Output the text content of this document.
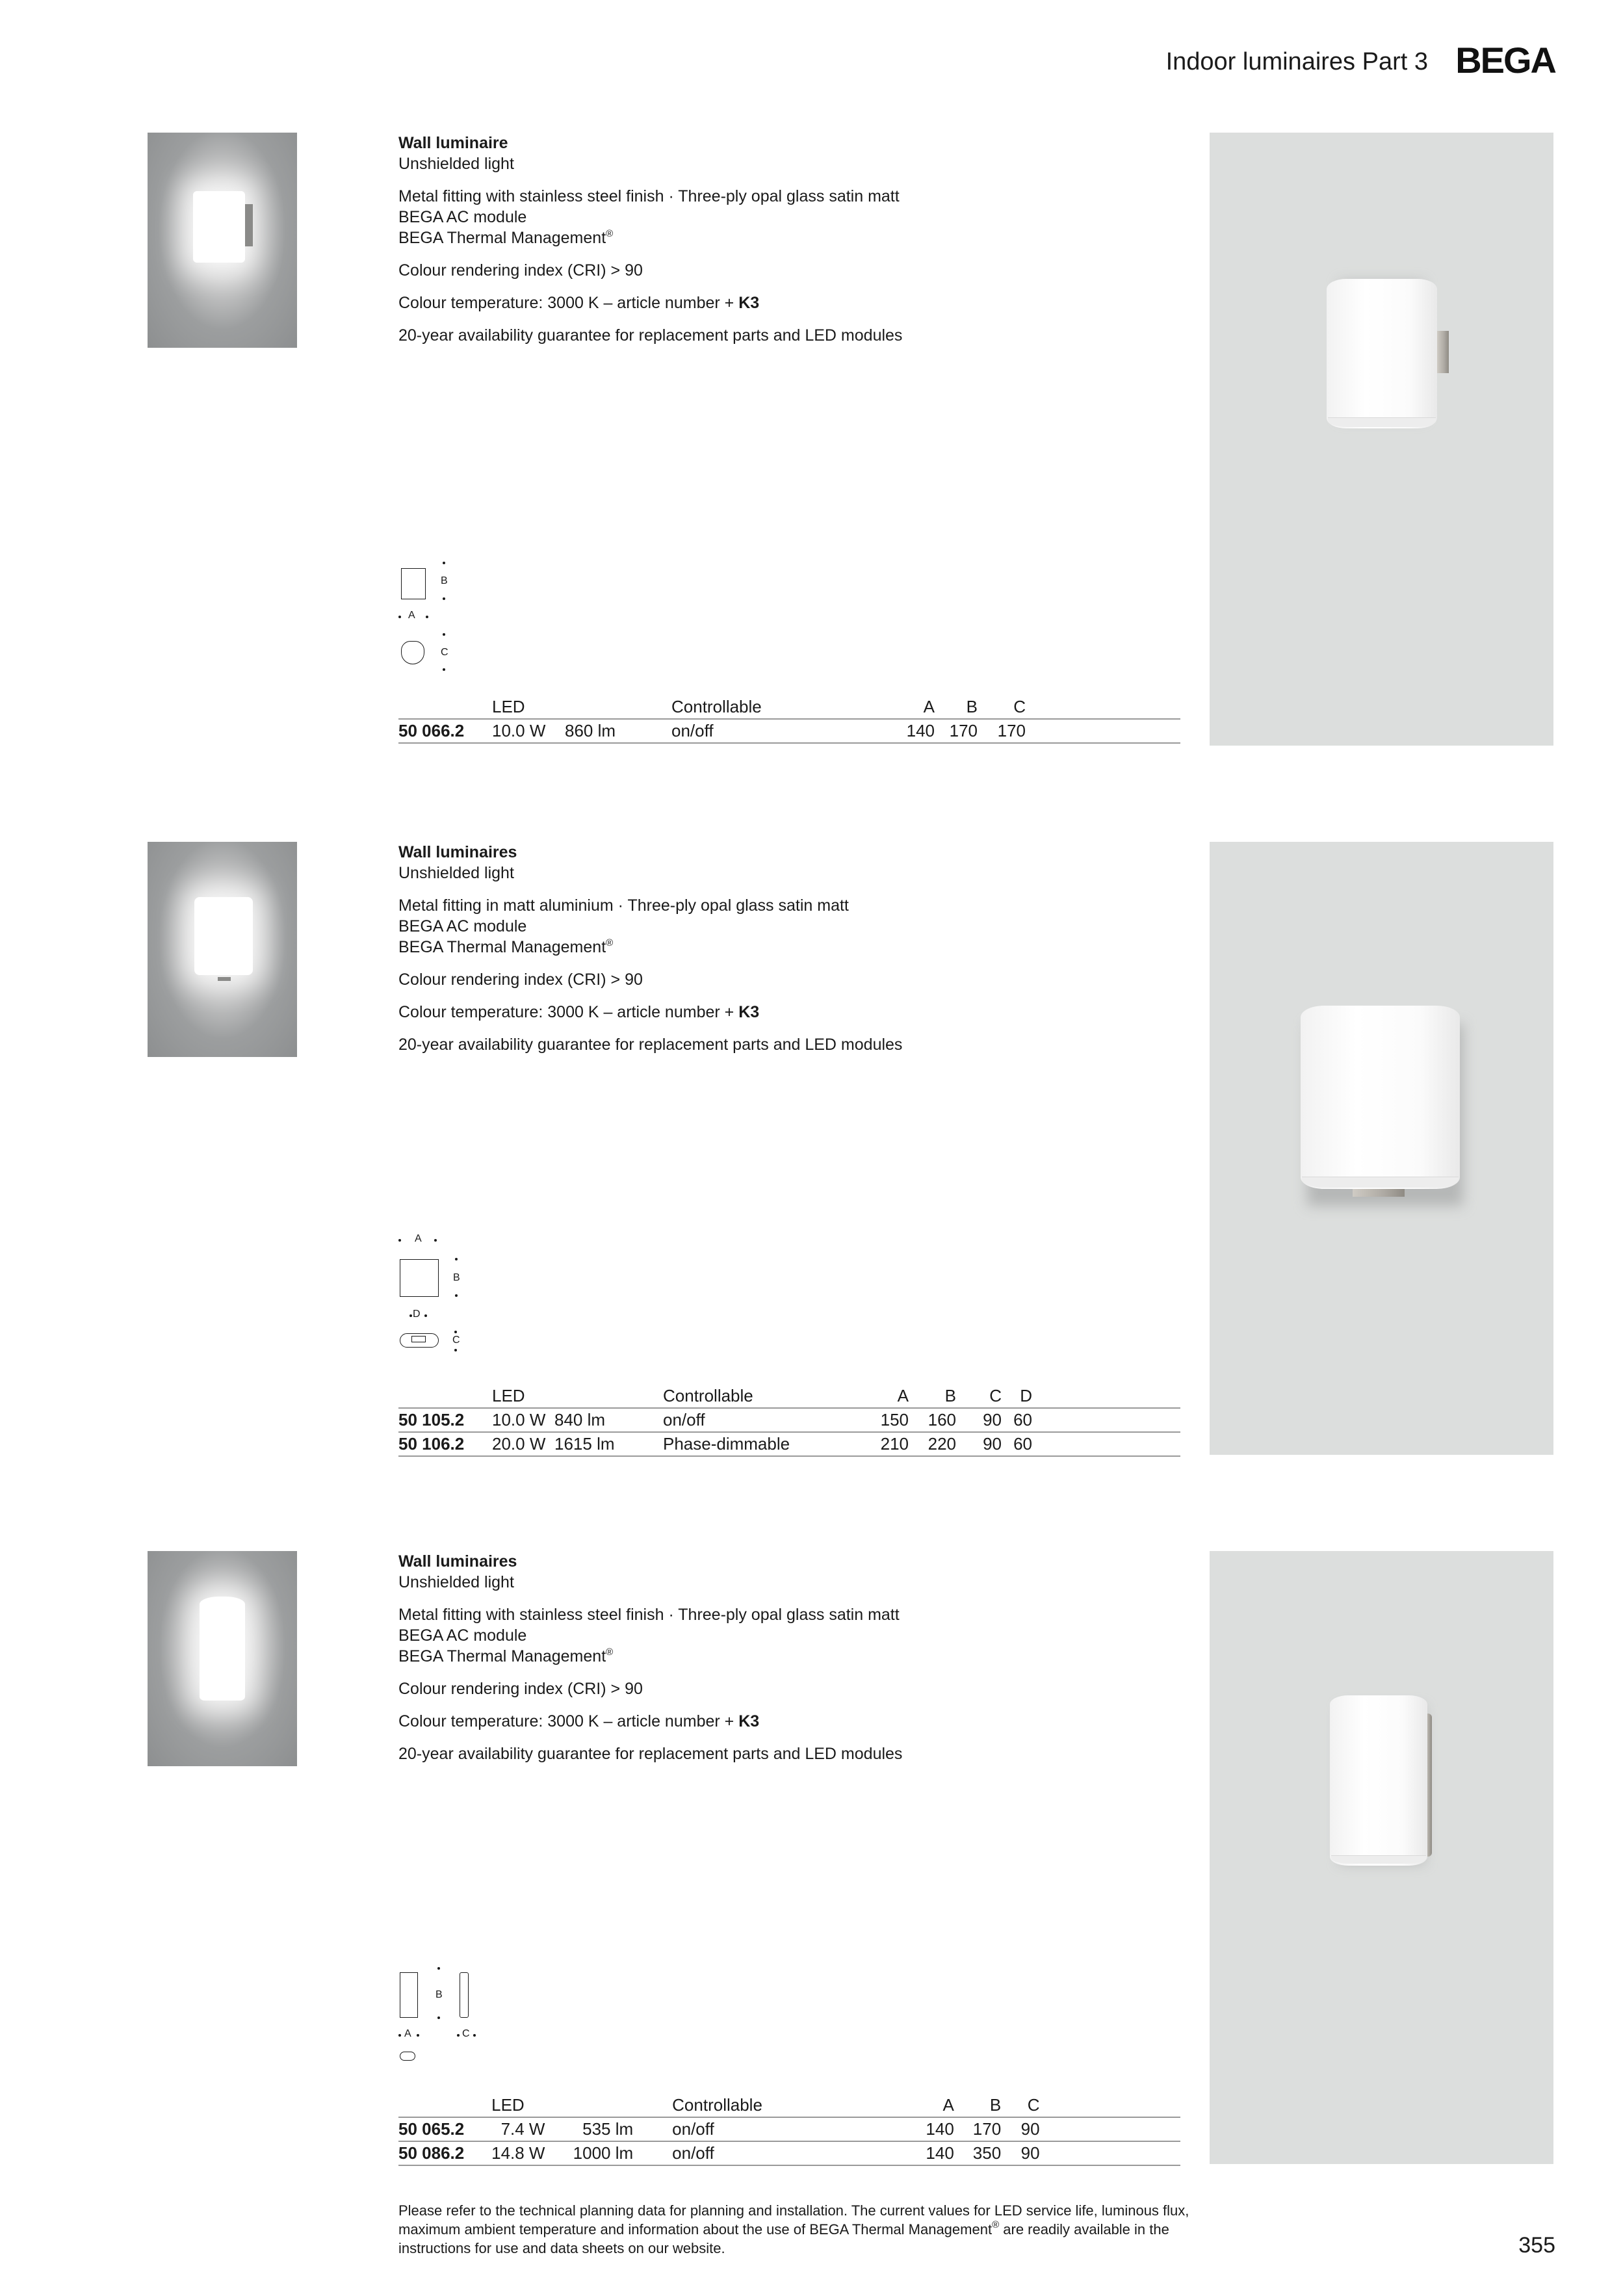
Indoor luminaires Part 3 BEGA

Wall luminaire

Unshielded light

Metal fitting with stainless steel finish · Three-ply opal glass satin matt

BEGA AC module

BEGA Thermal Management®

Colour rendering index (CRI) > 90

Colour temperature: 3000 K – article number + K3

20-year availability guarantee for replacement parts and LED modules

B
A
C
	LED		Controllable	A	B	C	
50 066.2	10.0 W	860 lm	on/off	140	170	170	

Wall luminaires

Unshielded light

Metal fitting in matt aluminium · Three-ply opal glass satin matt

BEGA AC module

BEGA Thermal Management®

Colour rendering index (CRI) > 90

Colour temperature: 3000 K – article number + K3

20-year availability guarantee for replacement parts and LED modules

A
B
D
C
	LED		Controllable	A	B	C	D	
50 105.2	10.0 W	840 lm	on/off	150	160	90	60	
50 106.2	20.0 W	1615 lm	Phase-dimmable	210	220	90	60	

Wall luminaires

Unshielded light

Metal fitting with stainless steel finish · Three-ply opal glass satin matt

BEGA AC module

BEGA Thermal Management®

Colour rendering index (CRI) > 90

Colour temperature: 3000 K – article number + K3

20-year availability guarantee for replacement parts and LED modules

B
A	C
	LED		Controllable	A	B	C	
50 065.2	7.4 W	535 lm	on/off	140	170	90	
50 086.2	14.8 W	1000 lm	on/off	140	350	90	
Please refer to the technical planning data for planning and installation. The current values for LED service life, luminous flux,
maximum ambient temperature and information about the use of BEGA Thermal Management® are readily available in the
instructions for use and data sheets on our website.	355
